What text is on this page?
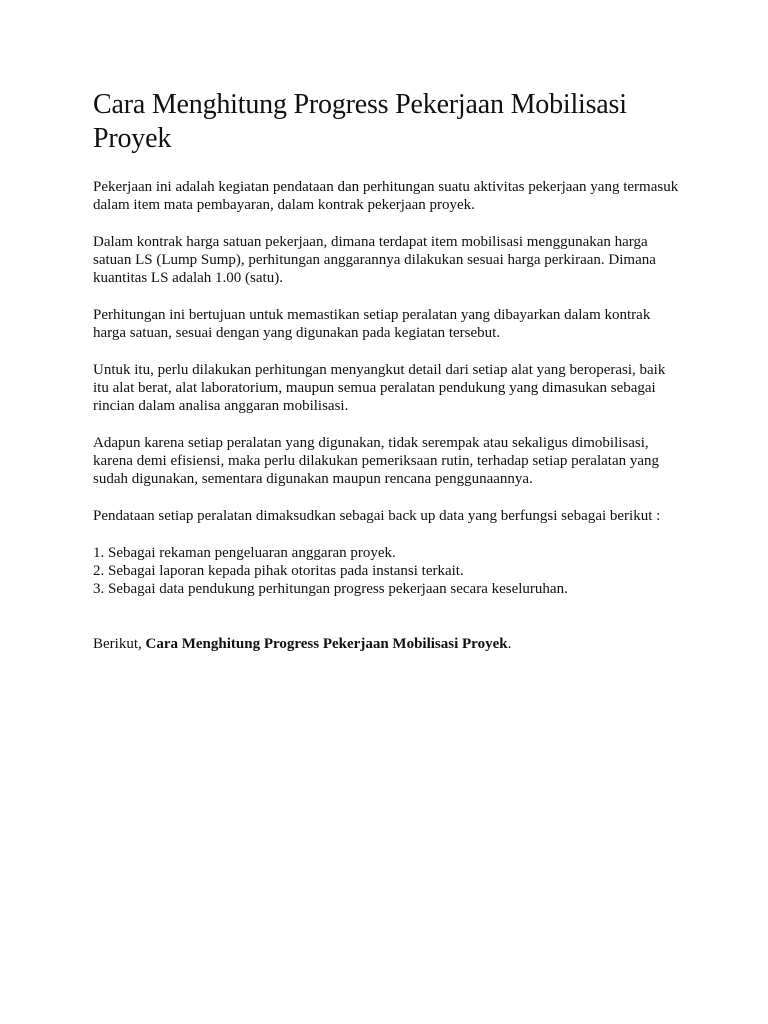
Cara Menghitung Progress Pekerjaan Mobilisasi Proyek

Pekerjaan ini adalah kegiatan pendataan dan perhitungan suatu aktivitas pekerjaan yang termasuk dalam item mata pembayaran, dalam kontrak pekerjaan proyek.

Dalam kontrak harga satuan pekerjaan, dimana terdapat item mobilisasi menggunakan harga satuan LS (Lump Sump), perhitungan anggarannya dilakukan sesuai harga perkiraan. Dimana kuantitas LS adalah 1.00 (satu).

Perhitungan ini bertujuan untuk memastikan setiap peralatan yang dibayarkan dalam kontrak harga satuan, sesuai dengan yang digunakan pada kegiatan tersebut.

Untuk itu, perlu dilakukan perhitungan menyangkut detail dari setiap alat yang beroperasi, baik itu alat berat, alat laboratorium, maupun semua peralatan pendukung yang dimasukan sebagai rincian dalam analisa anggaran mobilisasi.

Adapun karena setiap peralatan yang digunakan, tidak serempak atau sekaligus dimobilisasi, karena demi efisiensi, maka perlu dilakukan pemeriksaan rutin, terhadap setiap peralatan yang sudah digunakan, sementara digunakan maupun rencana penggunaannya.

Pendataan setiap peralatan dimaksudkan sebagai back up data yang berfungsi sebagai berikut :

1. Sebagai rekaman pengeluaran anggaran proyek.
2. Sebagai laporan kepada pihak otoritas pada instansi terkait.
3. Sebagai data pendukung perhitungan progress pekerjaan secara keseluruhan.

Berikut, Cara Menghitung Progress Pekerjaan Mobilisasi Proyek.
